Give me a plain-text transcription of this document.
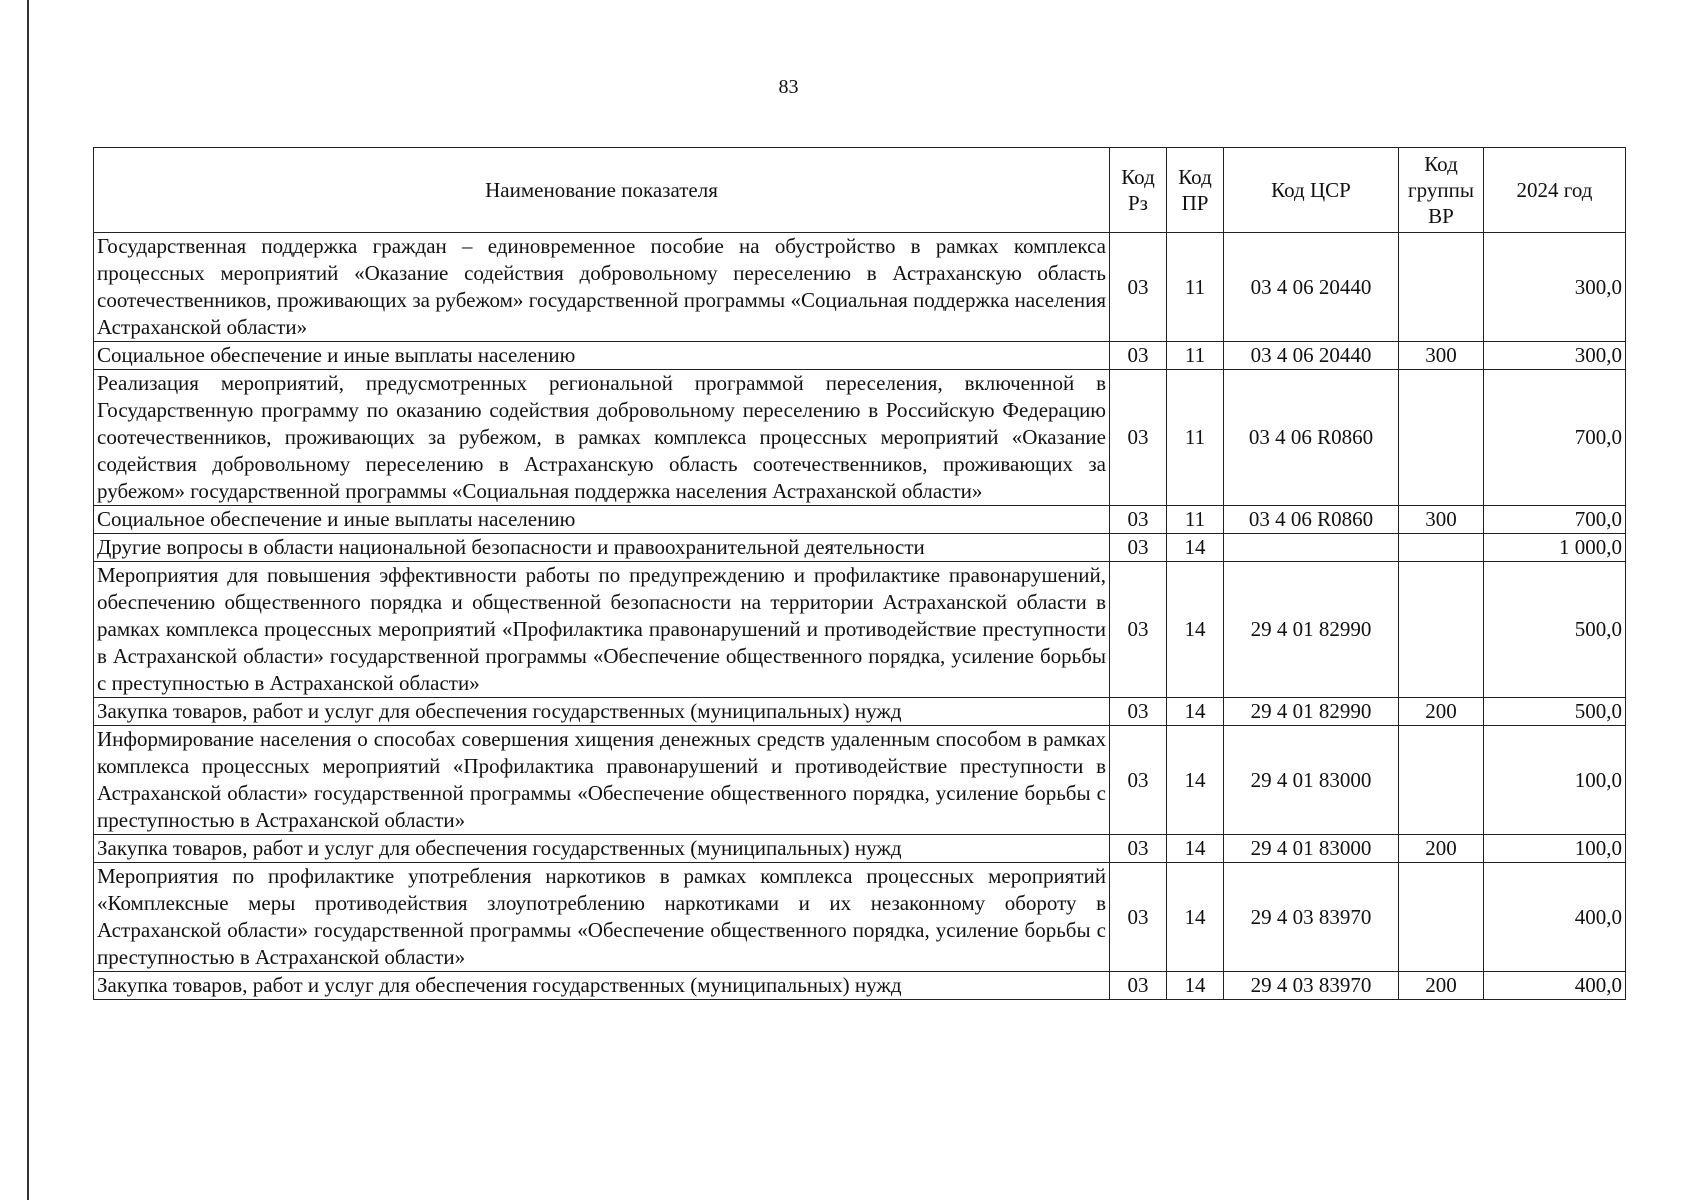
83
Наименование показателя	Код Рз	Код ПР	Код ЦСР	Код группы ВР	2024 год
Государственная поддержка граждан – единовременное пособие на обустройство в рамках комплекса процессных мероприятий «Оказание содействия добровольному переселению в Астраханскую область соотечественников, проживающих за рубежом» государственной программы «Социальная поддержка населения Астраханской области»	03	11	03 4 06 20440		300,0
Социальное обеспечение и иные выплаты населению	03	11	03 4 06 20440	300	300,0
Реализация мероприятий, предусмотренных региональной программой переселения, включенной в Государственную программу по оказанию содействия добровольному переселению в Российскую Федерацию соотечественников, проживающих за рубежом, в рамках комплекса процессных мероприятий «Оказание содействия добровольному переселению в Астраханскую область соотечественников, проживающих за рубежом» государственной программы «Социальная поддержка населения Астраханской области»	03	11	03 4 06 R0860		700,0
Социальное обеспечение и иные выплаты населению	03	11	03 4 06 R0860	300	700,0
Другие вопросы в области национальной безопасности и правоохранительной деятельности	03	14			1 000,0
Мероприятия для повышения эффективности работы по предупреждению и профилактике правонарушений, обеспечению общественного порядка и общественной безопасности на территории Астраханской области в рамках комплекса процессных мероприятий «Профилактика правонарушений и противодействие преступности в Астраханской области» государственной программы «Обеспечение общественного порядка, усиление борьбы с преступностью в Астраханской области»	03	14	29 4 01 82990		500,0
Закупка товаров, работ и услуг для обеспечения государственных (муниципальных) нужд	03	14	29 4 01 82990	200	500,0
Информирование населения о способах совершения хищения денежных средств удаленным способом в рамках комплекса процессных мероприятий «Профилактика правонарушений и противодействие преступности в Астраханской области» государственной программы «Обеспечение общественного порядка, усиление борьбы с преступностью в Астраханской области»	03	14	29 4 01 83000		100,0
Закупка товаров, работ и услуг для обеспечения государственных (муниципальных) нужд	03	14	29 4 01 83000	200	100,0
Мероприятия по профилактике употребления наркотиков в рамках комплекса процессных мероприятий «Комплексные меры противодействия злоупотреблению наркотиками и их незаконному обороту в Астраханской области» государственной программы «Обеспечение общественного порядка, усиление борьбы с преступностью в Астраханской области»	03	14	29 4 03 83970		400,0
Закупка товаров, работ и услуг для обеспечения государственных (муниципальных) нужд	03	14	29 4 03 83970	200	400,0
